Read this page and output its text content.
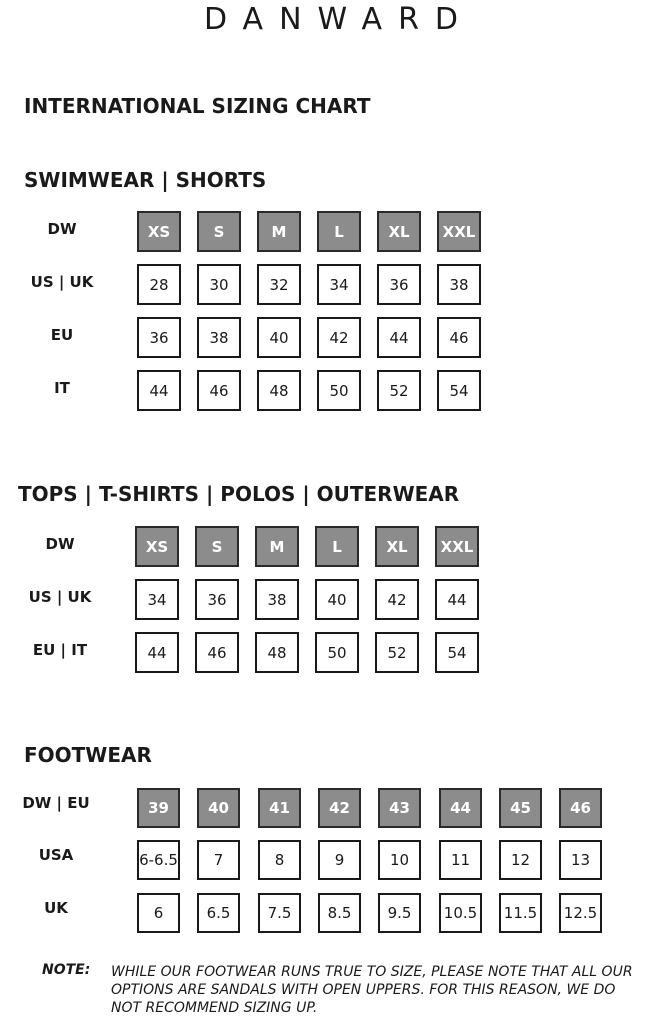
DANWARD
INTERNATIONAL SIZING CHART
SWIMWEAR | SHORTS
TOPS | T-SHIRTS | POLOS | OUTERWEAR
FOOTWEAR
DW	XS	S	M	L	XL	XXL
US | UK	28	30	32	34	36	38
EU	36	38	40	42	44	46
IT	44	46	48	50	52	54
DW	XS	S	M	L	XL	XXL
US | UK	34	36	38	40	42	44
EU | IT	44	46	48	50	52	54
DW | EU	39	40	41	42	43	44	45	46
USA	6-6.5	7	8	9	10	11	12	13
UK	6	6.5	7.5	8.5	9.5	10.5	11.5	12.5
NOTE: WHILE OUR FOOTWEAR RUNS TRUE TO SIZE, PLEASE NOTE THAT ALL OUR
OPTIONS ARE SANDALS WITH OPEN UPPERS. FOR THIS REASON, WE DO
NOT RECOMMEND SIZING UP.
